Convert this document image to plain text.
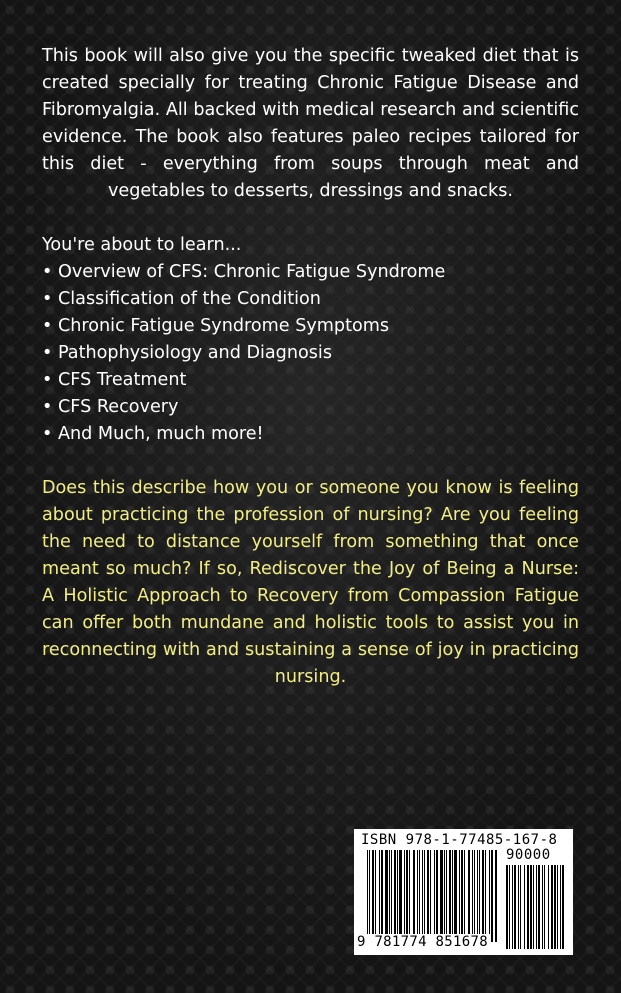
This book will also give you the specific tweaked diet that is created specially for treating Chronic Fatigue Disease and Fibromyalgia. All backed with medical research and scientific evidence. The book also features paleo recipes tailored for this diet - everything from soups through meat and vegetables to desserts, dressings and snacks.

You're about to learn...

• Overview of CFS: Chronic Fatigue Syndrome
• Classification of the Condition
• Chronic Fatigue Syndrome Symptoms
• Pathophysiology and Diagnosis
• CFS Treatment
• CFS Recovery
• And Much, much more!

Does this describe how you or someone you know is feeling about practicing the profession of nursing? Are you feeling the need to distance yourself from something that once meant so much? If so, Rediscover the Joy of Being a Nurse: A Holistic Approach to Recovery from Compassion Fatigue can offer both mundane and holistic tools to assist you in reconnecting with and sustaining a sense of joy in practicing nursing.

ISBN 978-1-77485-167-8
90000
9 781774 851678
